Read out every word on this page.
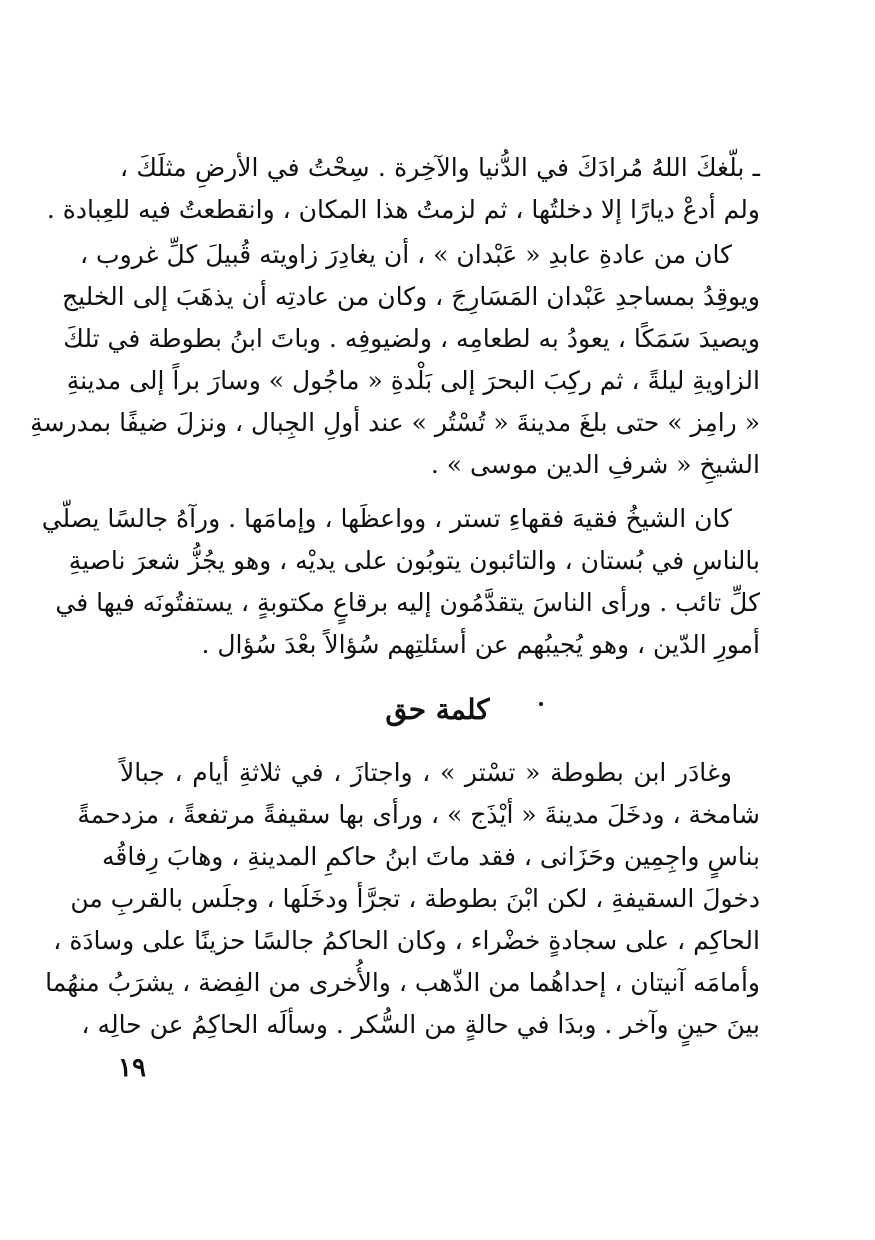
ـ بلّغكَ اللهُ مُرادَكَ في الدُّنيا والآخِرة . سِحْتُ في الأرضِ مثلَكَ ،
ولم أدعْ ديارًا إلا دخلتُها ، ثم لزمتُ هذا المكان ، وانقطعتُ فيه للعِبادة .
كان من عادةِ عابدِ « عَبْدان » ، أن يغادِرَ زاويته قُبيلَ كلِّ غروب ،
ويوقِدُ بمساجدِ عَبْدان المَسَارِجَ ، وكان من عادتِه أن يذهَبَ إلى الخليج
ويصيدَ سَمَكًا ، يعودُ به لطعامِه ، ولضيوفِه . وباتَ ابنُ بطوطة في تلكَ
الزاويةِ ليلةً ، ثم ركِبَ البحرَ إلى بَلْدةِ « ماجُول » وسارَ براً إلى مدينةِ
« رامِز » حتى بلغَ مدينةَ « تُسْتُر » عند أولِ الجِبال ، ونزلَ ضيفًا بمدرسةِ
الشيخِ « شرفِ الدين موسى » .
كان الشيخُ فقيهَ فقهاءِ تستر ، وواعظَها ، وإمامَها . ورآهُ جالسًا يصلّي
بالناسِ في بُستان ، والتائبون يتوبُون على يديْه ، وهو يجُزُّ شعرَ ناصيةِ
كلِّ تائب . ورأى الناسَ يتقدَّمُون إليه برقاعٍ مكتوبةٍ ، يستفتُونَه فيها في
أمورِ الدّين ، وهو يُجيبُهم عن أسئلتِهم سُؤالاً بعْدَ سُؤال .
كلمة حق
وغادَر ابن بطوطة « تسْتر » ، واجتازَ ، في ثلاثةِ أيام ، جبالاً
شامخة ، ودخَلَ مدينةَ « أيْذَج » ، ورأى بها سقيفةً مرتفعةً ، مزدحمةً
بناسٍ واجِمِين وحَزَانى ، فقد ماتَ ابنُ حاكمِ المدينةِ ، وهابَ رِفاقُه
دخولَ السقيفةِ ، لكن ابْنَ بطوطة ، تجرَّأ ودخَلَها ، وجلَس بالقربِ من
الحاكِم ، على سجادةٍ خضْراء ، وكان الحاكمُ جالسًا حزينًا على وسادَة ،
وأمامَه آنيتان ، إحداهُما من الذّهب ، والأُخرى من الفِضة ، يشرَبُ منهُما
بينَ حينٍ وآخر . وبدَا في حالةٍ من السُّكر . وسألَه الحاكِمُ عن حالِه ،
١٩
